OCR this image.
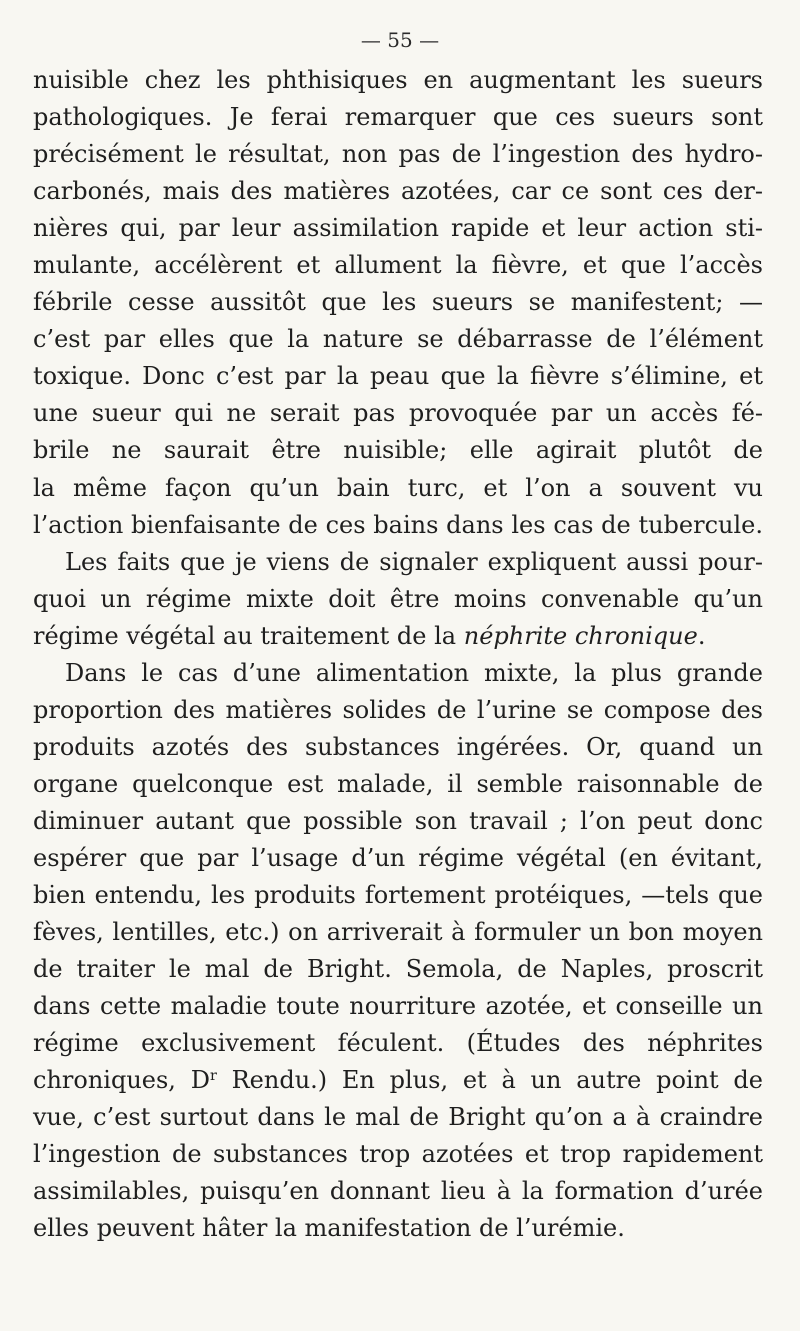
— 55 —
nuisible chez les phthisiques en augmentant les sueurs
pathologiques. Je ferai remarquer que ces sueurs sont
précisément le résultat, non pas de l’ingestion des hydro-
carbonés, mais des matières azotées, car ce sont ces der-
nières qui, par leur assimilation rapide et leur action sti-
mulante, accélèrent et allument la fièvre, et que l’accès
fébrile cesse aussitôt que les sueurs se manifestent; —
c’est par elles que la nature se débarrasse de l’élément
toxique. Donc c’est par la peau que la fièvre s’élimine, et
une sueur qui ne serait pas provoquée par un accès fé-
brile ne saurait être nuisible; elle agirait plutôt de
la même façon qu’un bain turc, et l’on a souvent vu
l’action bienfaisante de ces bains dans les cas de tubercule.
Les faits que je viens de signaler expliquent aussi pour-
quoi un régime mixte doit être moins convenable qu’un
régime végétal au traitement de la néphrite chronique.
Dans le cas d’une alimentation mixte, la plus grande
proportion des matières solides de l’urine se compose des
produits azotés des substances ingérées. Or, quand un
organe quelconque est malade, il semble raisonnable de
diminuer autant que possible son travail ; l’on peut donc
espérer que par l’usage d’un régime végétal (en évitant,
bien entendu, les produits fortement protéiques, —tels que
fèves, lentilles, etc.) on arriverait à formuler un bon moyen
de traiter le mal de Bright. Semola, de Naples, proscrit
dans cette maladie toute nourriture azotée, et conseille un
régime exclusivement féculent. (Études des néphrites
chroniques, $D^r$ Rendu.) En plus, et à un autre point de
vue, c’est surtout dans le mal de Bright qu’on a à craindre
l’ingestion de substances trop azotées et trop rapidement
assimilables, puisqu’en donnant lieu à la formation d’urée
elles peuvent hâter la manifestation de l’urémie.
